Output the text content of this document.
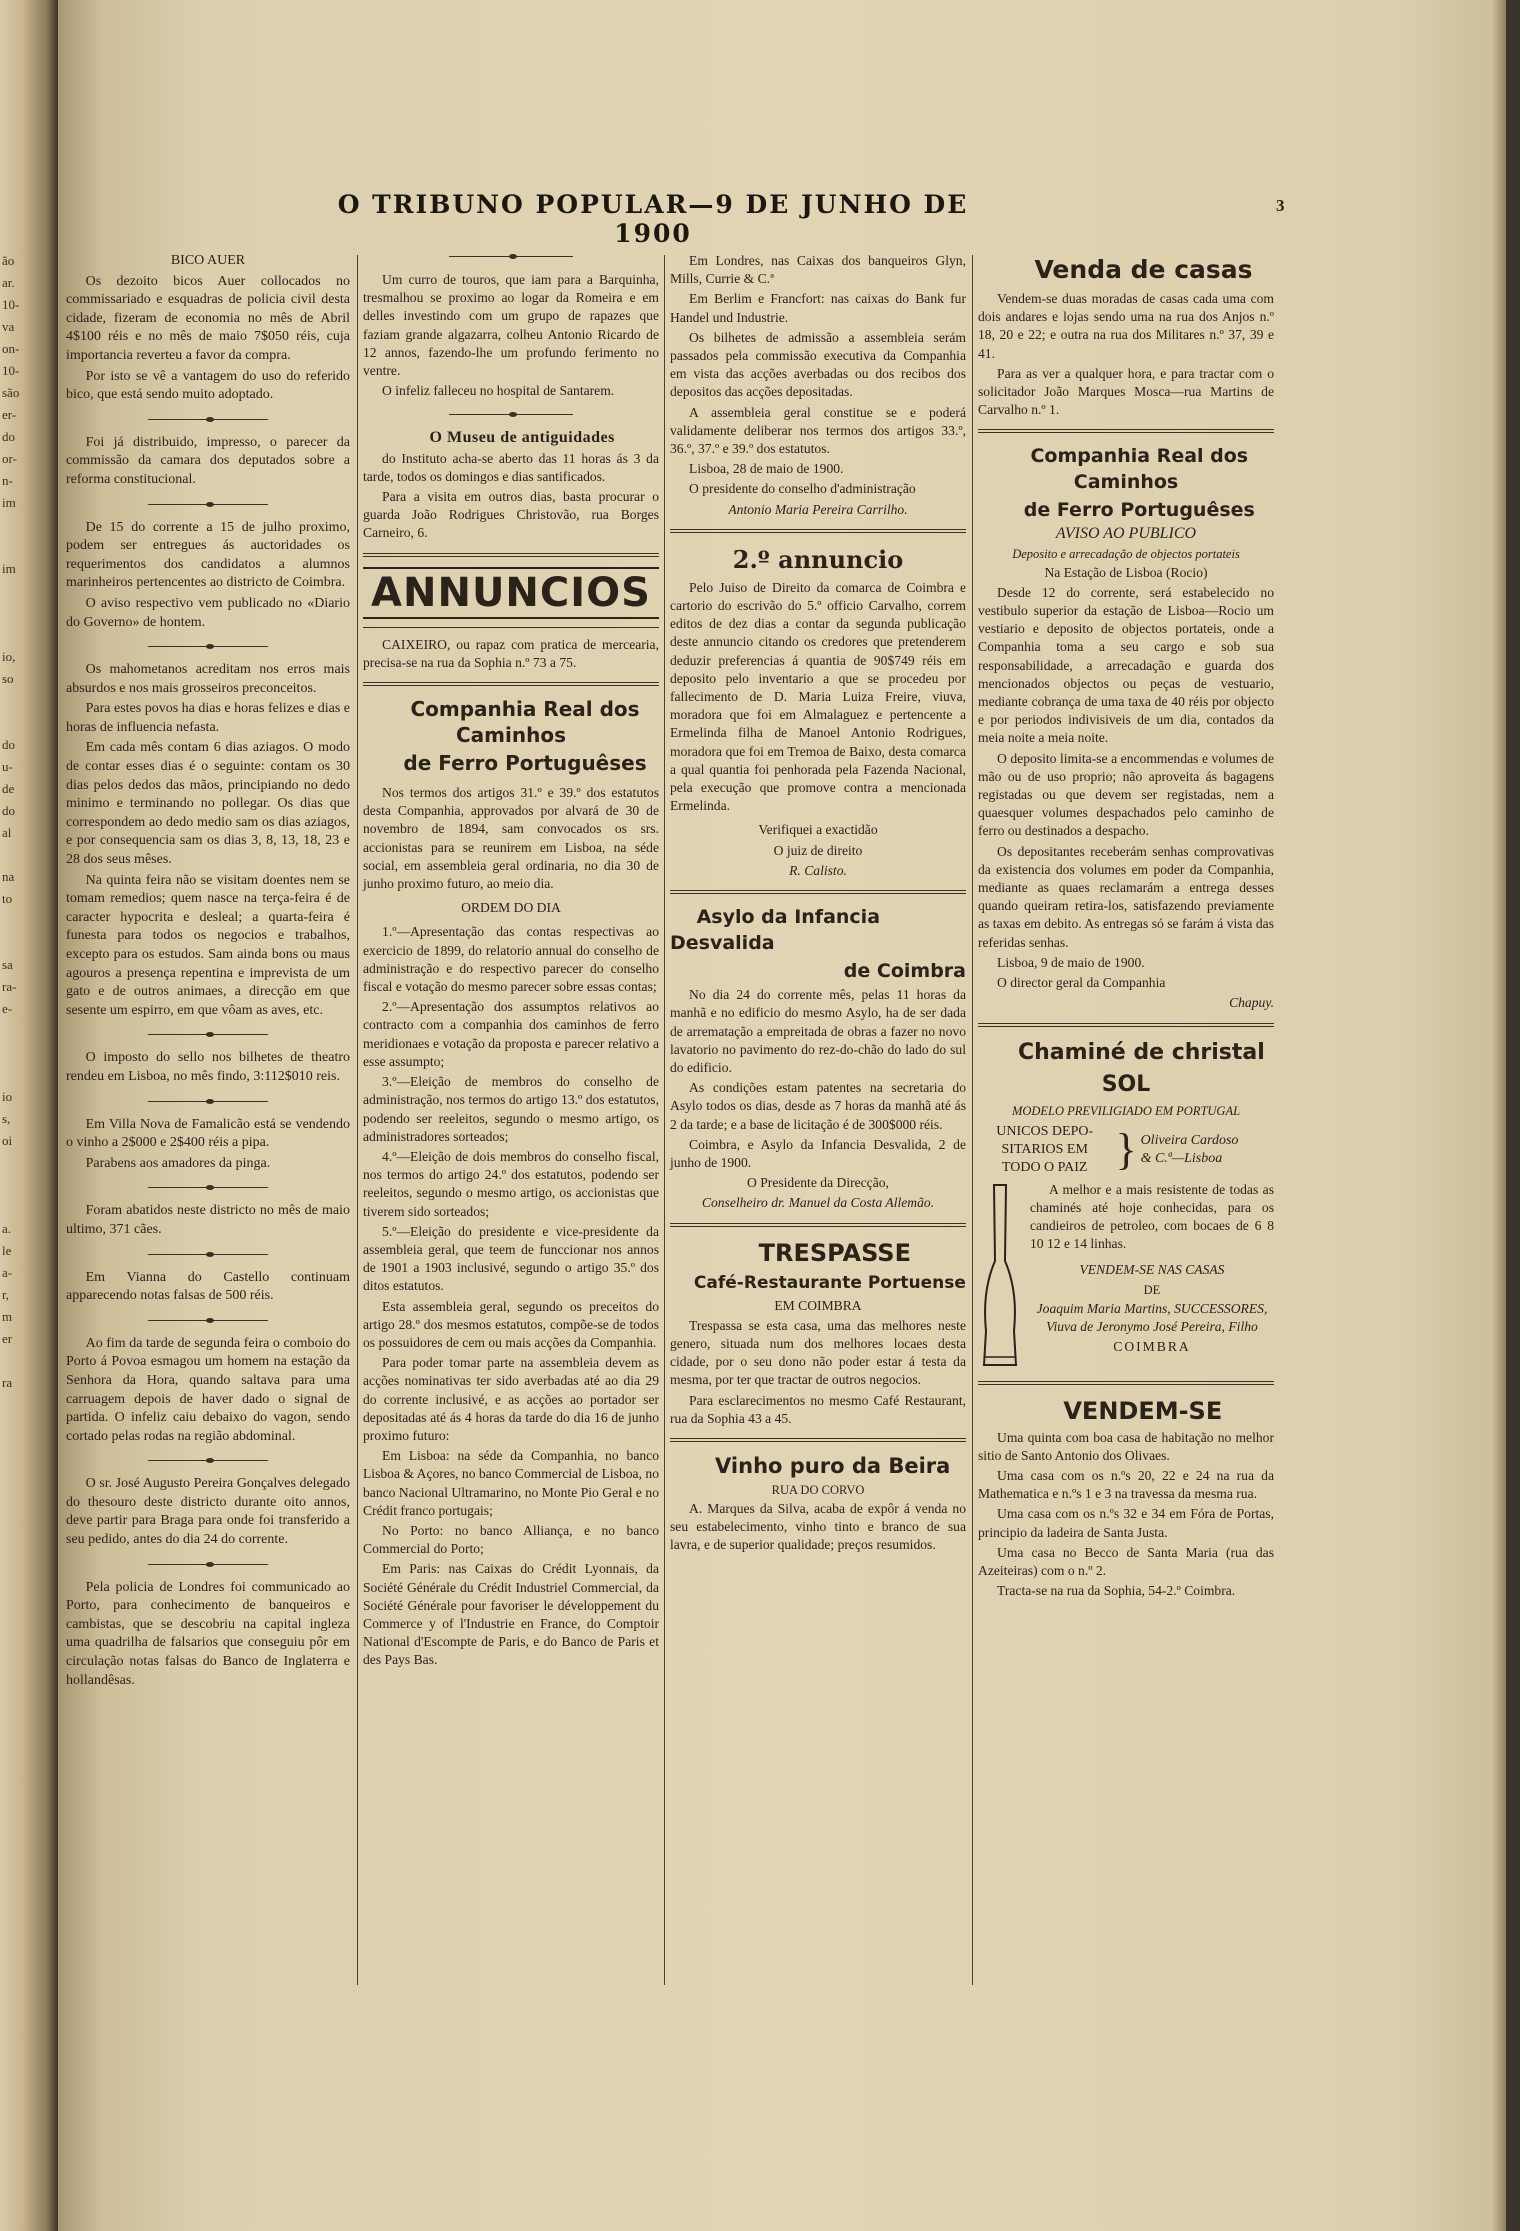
ão
ar.
10-
va
on-
10-
são
er-
do
or-
n-
im
im
io,
so
do
u-
de
do
al
na
to
sa
ra-
e-
io
s,
oi
a.
le
a-
r,
m
er
ra
O TRIBUNO POPULAR—9 DE JUNHO DE 1900
3

BICO AUER

Os dezoito bicos Auer collocados no commissariado e esquadras de policia civil desta cidade, fizeram de economia no mês de Abril 4$100 réis e no mês de maio 7$050 réis, cuja importancia reverteu a favor da compra.

Por isto se vê a vantagem do uso do referido bico, que está sendo muito adoptado.

Foi já distribuido, impresso, o parecer da commissão da camara dos deputados sobre a reforma constitucional.

De 15 do corrente a 15 de julho proximo, podem ser entregues ás auctoridades os requerimentos dos candidatos a alumnos marinheiros pertencentes ao districto de Coimbra.

O aviso respectivo vem publicado no «Diario do Governo» de hontem.

Os mahometanos acreditam nos erros mais absurdos e nos mais grosseiros preconceitos.

Para estes povos ha dias e horas felizes e dias e horas de influencia nefasta.

Em cada mês contam 6 dias aziagos. O modo de contar esses dias é o seguinte: contam os 30 dias pelos dedos das mãos, principiando no dedo minimo e terminando no pollegar. Os dias que correspondem ao dedo medio sam os dias aziagos, e por consequencia sam os dias 3, 8, 13, 18, 23 e 28 dos seus mêses.

Na quinta feira não se visitam doentes nem se tomam remedios; quem nasce na terça-feira é de caracter hypocrita e desleal; a quarta-feira é funesta para todos os negocios e trabalhos, excepto para os estudos. Sam ainda bons ou maus agouros a presença repentina e imprevista de um gato e de outros animaes, a direcção em que sesente um espirro, em que vôam as aves, etc.

O imposto do sello nos bilhetes de theatro rendeu em Lisboa, no mês findo, 3:112$010 reis.

Em Villa Nova de Famalicão está se vendendo o vinho a 2$000 e 2$400 réis a pipa.

Parabens aos amadores da pinga.

Foram abatidos neste districto no mês de maio ultimo, 371 cães.

Em Vianna do Castello continuam apparecendo notas falsas de 500 réis.

Ao fim da tarde de segunda feira o comboio do Porto á Povoa esmagou um homem na estação da Senhora da Hora, quando saltava para uma carruagem depois de haver dado o signal de partida. O infeliz caiu debaixo do vagon, sendo cortado pelas rodas na região abdominal.

O sr. José Augusto Pereira Gonçalves delegado do thesouro deste districto durante oito annos, deve partir para Braga para onde foi transferido a seu pedido, antes do dia 24 do corrente.

Pela policia de Londres foi communicado ao Porto, para conhecimento de banqueiros e cambistas, que se descobriu na capital ingleza uma quadrilha de falsarios que conseguiu pôr em circulação notas falsas do Banco de Inglaterra e hollandêsas.

Um curro de touros, que iam para a Barquinha, tresmalhou se proximo ao logar da Romeira e em delles investindo com um grupo de rapazes que faziam grande algazarra, colheu Antonio Ricardo de 12 annos, fazendo-lhe um profundo ferimento no ventre.

O infeliz falleceu no hospital de Santarem.

O Museu de antiguidades

do Instituto acha-se aberto das 11 horas ás 3 da tarde, todos os domingos e dias santificados.

Para a visita em outros dias, basta procurar o guarda João Rodrigues Christovão, rua Borges Carneiro, 6.

ANNUNCIOS

CAIXEIRO, ou rapaz com pratica de mercearia, precisa-se na rua da Sophia n.º 73 a 75.

Companhia Real dos Caminhos

de Ferro Portuguêses

Nos termos dos artigos 31.º e 39.º dos estatutos desta Companhia, approvados por alvará de 30 de novembro de 1894, sam convocados os srs. accionistas para se reunirem em Lisboa, na séde social, em assembleia geral ordinaria, no dia 30 de junho proximo futuro, ao meio dia.

ORDEM DO DIA

1.º—Apresentação das contas respectivas ao exercicio de 1899, do relatorio annual do conselho de administração e do respectivo parecer do conselho fiscal e votação do mesmo parecer sobre essas contas;

2.º—Apresentação dos assumptos relativos ao contracto com a companhia dos caminhos de ferro meridionaes e votação da proposta e parecer relativo a esse assumpto;

3.º—Eleição de membros do conselho de administração, nos termos do artigo 13.º dos estatutos, podendo ser reeleitos, segundo o mesmo artigo, os administradores sorteados;

4.º—Eleição de dois membros do conselho fiscal, nos termos do artigo 24.º dos estatutos, podendo ser reeleitos, segundo o mesmo artigo, os accionistas que tiverem sido sorteados;

5.º—Eleição do presidente e vice-presidente da assembleia geral, que teem de funccionar nos annos de 1901 a 1903 inclusivé, segundo o artigo 35.º dos ditos estatutos.

Esta assembleia geral, segundo os preceitos do artigo 28.º dos mesmos estatutos, compõe-se de todos os possuidores de cem ou mais acções da Companhia.

Para poder tomar parte na assembleia devem as acções nominativas ter sido averbadas até ao dia 29 do corrente inclusivé, e as acções ao portador ser depositadas até ás 4 horas da tarde do dia 16 de junho proximo futuro:

Em Lisboa: na séde da Companhia, no banco Lisboa & Açores, no banco Commercial de Lisboa, no banco Nacional Ultramarino, no Monte Pio Geral e no Crédit franco portugais;

No Porto: no banco Alliança, e no banco Commercial do Porto;

Em Paris: nas Caixas do Crédit Lyonnais, da Société Générale du Crédit Industriel Commercial, da Société Générale pour favoriser le développement du Commerce y of l'Industrie en France, do Comptoir National d'Escompte de Paris, e do Banco de Paris et des Pays Bas.

Em Londres, nas Caixas dos banqueiros Glyn, Mills, Currie & C.ª

Em Berlim e Francfort: nas caixas do Bank fur Handel und Industrie.

Os bilhetes de admissão a assembleia serám passados pela commissão executiva da Companhia em vista das acções averbadas ou dos recibos dos depositos das acções depositadas.

A assembleia geral constitue se e poderá validamente deliberar nos termos dos artigos 33.º, 36.º, 37.º e 39.º dos estatutos.

Lisboa, 28 de maio de 1900.

O presidente do conselho d'administração

Antonio Maria Pereira Carrilho.

2.º annuncio

Pelo Juiso de Direito da comarca de Coimbra e cartorio do escrivão do 5.º officio Carvalho, correm editos de dez dias a contar da segunda publicação deste annuncio citando os credores que pretenderem deduzir preferencias á quantia de 90$749 réis em deposito pelo inventario a que se procedeu por fallecimento de D. Maria Luiza Freire, viuva, moradora que foi em Almalaguez e pertencente a Ermelinda filha de Manoel Antonio Rodrigues, moradora que foi em Tremoa de Baixo, desta comarca a qual quantia foi penhorada pela Fazenda Nacional, pela execução que promove contra a mencionada Ermelinda.

Verifiquei a exactidão

O juiz de direito

R. Calisto.

Asylo da Infancia Desvalida

de Coimbra

No dia 24 do corrente mês, pelas 11 horas da manhã e no edificio do mesmo Asylo, ha de ser dada de arrematação a empreitada de obras a fazer no novo lavatorio no pavimento do rez-do-chão do lado do sul do edificio.

As condições estam patentes na secretaria do Asylo todos os dias, desde as 7 horas da manhã até ás 2 da tarde; e a base de licitação é de 300$000 réis.

Coimbra, e Asylo da Infancia Desvalida, 2 de junho de 1900.

O Presidente da Direcção,

Conselheiro dr. Manuel da Costa Allemão.

TRESPASSE

Café-Restaurante Portuense

EM COIMBRA

Trespassa se esta casa, uma das melhores neste genero, situada num dos melhores locaes desta cidade, por o seu dono não poder estar á testa da mesma, por ter que tractar de outros negocios.

Para esclarecimentos no mesmo Café Restaurant, rua da Sophia 43 a 45.

Vinho puro da Beira

RUA DO CORVO

A. Marques da Silva, acaba de expôr á venda no seu estabelecimento, vinho tinto e branco de sua lavra, e de superior qualidade; preços resumidos.

Venda de casas

Vendem-se duas moradas de casas cada uma com dois andares e lojas sendo uma na rua dos Anjos n.º 18, 20 e 22; e outra na rua dos Militares n.º 37, 39 e 41.

Para as ver a qualquer hora, e para tractar com o solicitador João Marques Mosca—rua Martins de Carvalho n.º 1.

Companhia Real dos Caminhos

de Ferro Portuguêses

AVISO AO PUBLICO

Deposito e arrecadação de objectos portateis

Na Estação de Lisboa (Rocio)

Desde 12 do corrente, será estabelecido no vestibulo superior da estação de Lisboa—Rocio um vestiario e deposito de objectos portateis, onde a Companhia toma a seu cargo e sob sua responsabilidade, a arrecadação e guarda dos mencionados objectos ou peças de vestuario, mediante cobrança de uma taxa de 40 réis por objecto e por periodos indivisiveis de um dia, contados da meia noite a meia noite.

O deposito limita-se a encommendas e volumes de mão ou de uso proprio; não aproveita ás bagagens registadas ou que devem ser registadas, nem a quaesquer volumes despachados pelo caminho de ferro ou destinados a despacho.

Os depositantes receberám senhas comprovativas da existencia dos volumes em poder da Companhia, mediante as quaes reclamarám a entrega desses quando queiram retira-los, satisfazendo previamente as taxas em debito. As entregas só se farám á vista das referidas senhas.

Lisboa, 9 de maio de 1900.

O director geral da Companhia

Chapuy.

Chaminé de christal SOL

MODELO PREVILIGIADO EM PORTUGAL

UNICOS DEPO-
SITARIOS EM
TODO O PAIZ } Oliveira Cardoso
& C.ª—Lisboa

A melhor e a mais resistente de todas as chaminés até hoje conhecidas, para os candieiros de petroleo, com bocaes de 6 8 10 12 e 14 linhas.

VENDEM-SE NAS CASAS

DE

Joaquim Maria Martins, SUCCESSORES, Viuva de Jeronymo José Pereira, Filho

COIMBRA

VENDEM-SE

Uma quinta com boa casa de habitação no melhor sitio de Santo Antonio dos Olivaes.

Uma casa com os n.ºs 20, 22 e 24 na rua da Mathematica e n.ºs 1 e 3 na travessa da mesma rua.

Uma casa com os n.ºs 32 e 34 em Fóra de Portas, principio da ladeira de Santa Justa.

Uma casa no Becco de Santa Maria (rua das Azeiteiras) com o n.º 2.

Tracta-se na rua da Sophia, 54-2.º Coimbra.
